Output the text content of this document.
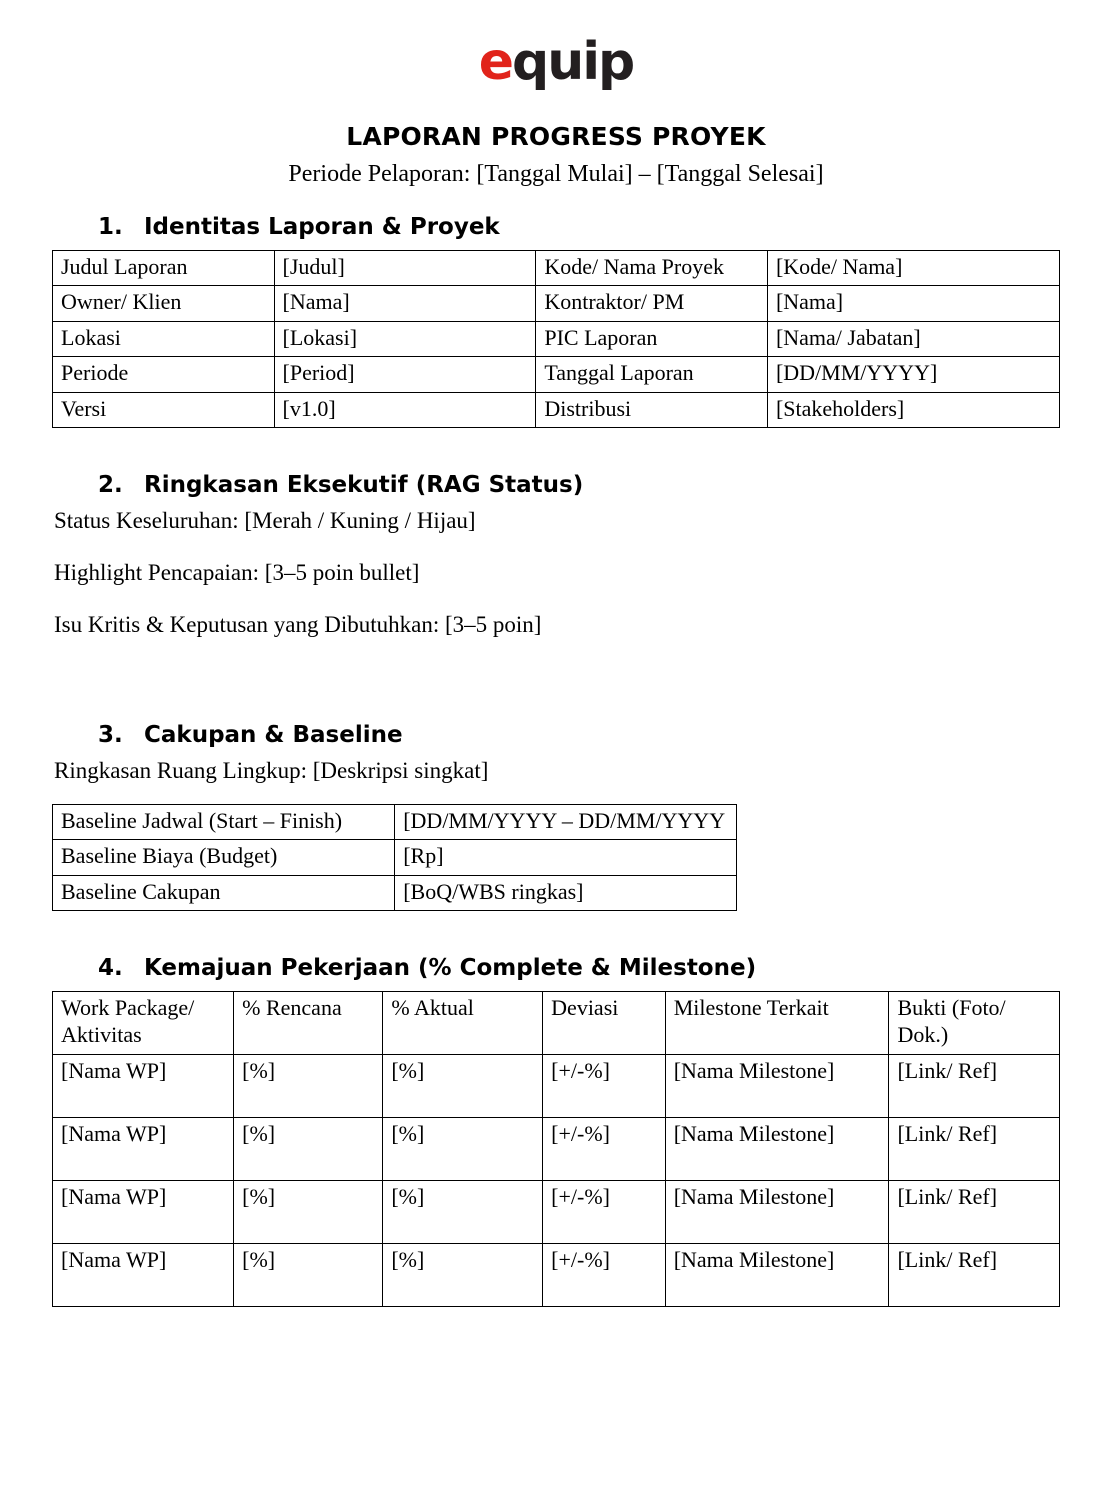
equip
LAPORAN PROGRESS PROYEK
Periode Pelaporan: [Tanggal Mulai] – [Tanggal Selesai]
1. Identitas Laporan & Proyek
Judul Laporan	[Judul]	Kode/ Nama Proyek	[Kode/ Nama]
Owner/ Klien	[Nama]	Kontraktor/ PM	[Nama]
Lokasi	[Lokasi]	PIC Laporan	[Nama/ Jabatan]
Periode	[Period]	Tanggal Laporan	[DD/MM/YYYY]
Versi	[v1.0]	Distribusi	[Stakeholders]
2. Ringkasan Eksekutif (RAG Status)

Status Keseluruhan: [Merah / Kuning / Hijau]

Highlight Pencapaian: [3–5 poin bullet]

Isu Kritis & Keputusan yang Dibutuhkan: [3–5 poin]

3. Cakupan & Baseline

Ringkasan Ruang Lingkup: [Deskripsi singkat]

Baseline Jadwal (Start – Finish)	[DD/MM/YYYY – DD/MM/YYYY
Baseline Biaya (Budget)	[Rp]
Baseline Cakupan	[BoQ/WBS ringkas]
4. Kemajuan Pekerjaan (% Complete & Milestone)
Work Package/ Aktivitas	% Rencana	% Aktual	Deviasi	Milestone Terkait	Bukti (Foto/ Dok.)
[Nama WP]	[%]	[%]	[+/-%]	[Nama Milestone]	[Link/ Ref]
[Nama WP]	[%]	[%]	[+/-%]	[Nama Milestone]	[Link/ Ref]
[Nama WP]	[%]	[%]	[+/-%]	[Nama Milestone]	[Link/ Ref]
[Nama WP]	[%]	[%]	[+/-%]	[Nama Milestone]	[Link/ Ref]
